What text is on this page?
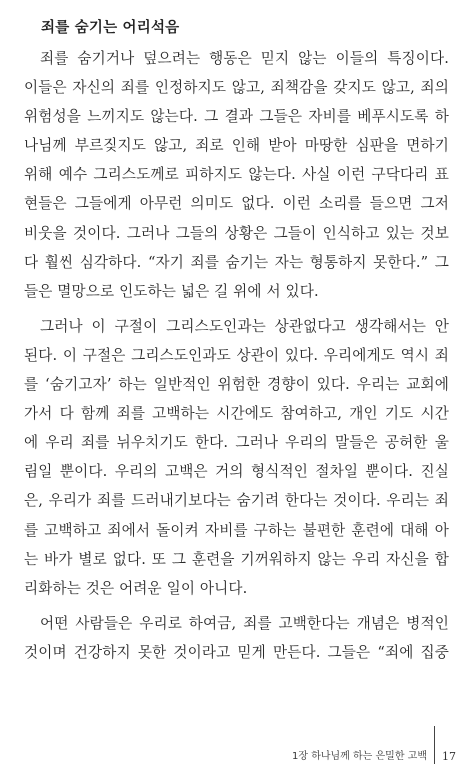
죄를 숨기는 어리석음
죄를 숨기거나 덮으려는 행동은 믿지 않는 이들의 특징이다.
이들은 자신의 죄를 인정하지도 않고, 죄책감을 갖지도 않고, 죄의
위험성을 느끼지도 않는다. 그 결과 그들은 자비를 베푸시도록 하
나님께 부르짖지도 않고, 죄로 인해 받아 마땅한 심판을 면하기
위해 예수 그리스도께로 피하지도 않는다. 사실 이런 구닥다리 표
현들은 그들에게 아무런 의미도 없다. 이런 소리를 들으면 그저
비웃을 것이다. 그러나 그들의 상황은 그들이 인식하고 있는 것보
다 훨씬 심각하다. “자기 죄를 숨기는 자는 형통하지 못한다.” 그
들은 멸망으로 인도하는 넓은 길 위에 서 있다.
그러나 이 구절이 그리스도인과는 상관없다고 생각해서는 안
된다. 이 구절은 그리스도인과도 상관이 있다. 우리에게도 역시 죄
를 ‘숨기고자’ 하는 일반적인 위험한 경향이 있다. 우리는 교회에
가서 다 함께 죄를 고백하는 시간에도 참여하고, 개인 기도 시간
에 우리 죄를 뉘우치기도 한다. 그러나 우리의 말들은 공허한 울
림일 뿐이다. 우리의 고백은 거의 형식적인 절차일 뿐이다. 진실
은, 우리가 죄를 드러내기보다는 숨기려 한다는 것이다. 우리는 죄
를 고백하고 죄에서 돌이켜 자비를 구하는 불편한 훈련에 대해 아
는 바가 별로 없다. 또 그 훈련을 기꺼워하지 않는 우리 자신을 합
리화하는 것은 어려운 일이 아니다.
어떤 사람들은 우리로 하여금, 죄를 고백한다는 개념은 병적인
것이며 건강하지 못한 것이라고 믿게 만든다. 그들은 “죄에 집중
1장 하나님께 하는 은밀한 고백	17
